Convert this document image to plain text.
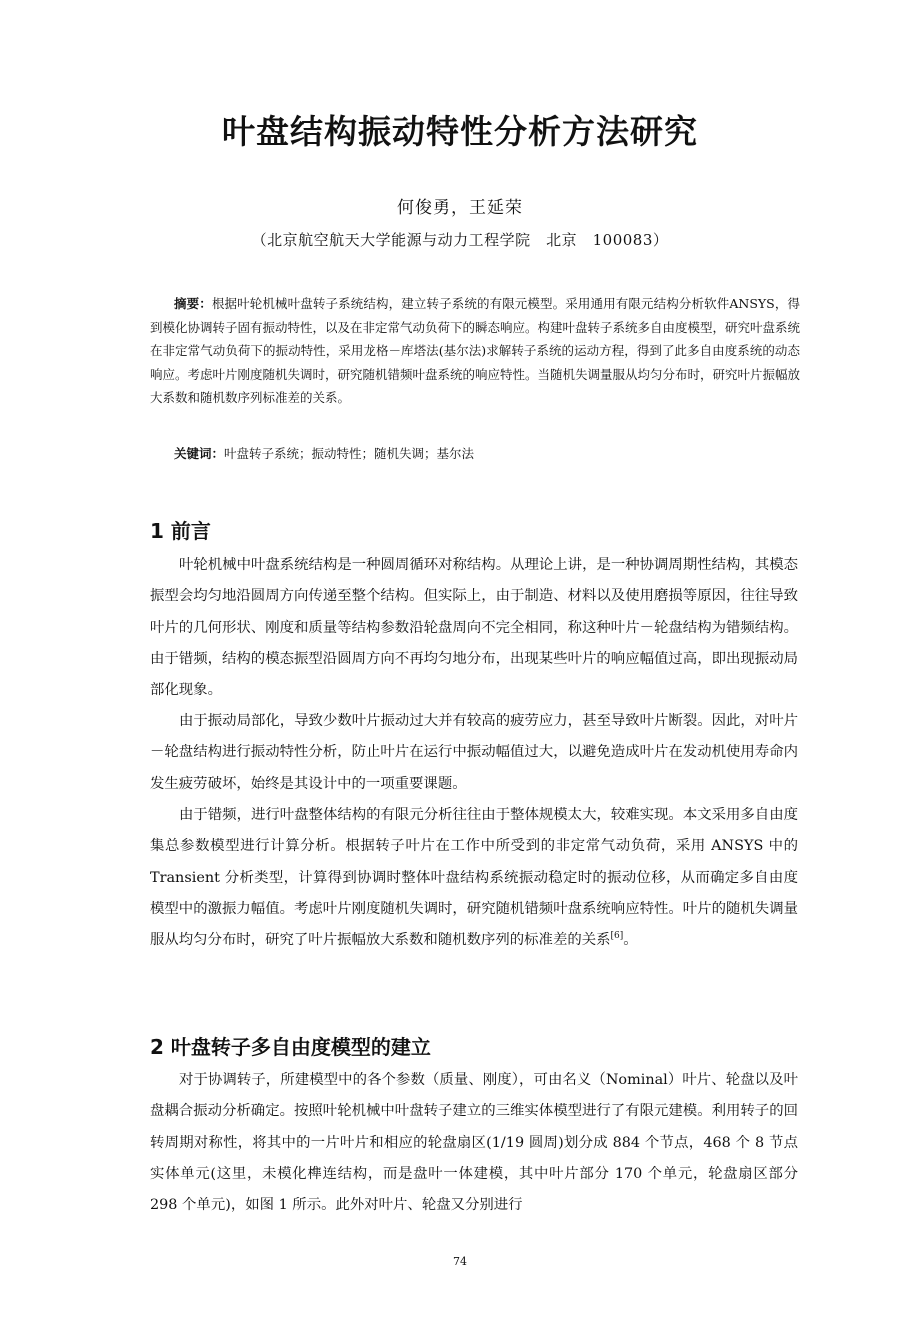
叶盘结构振动特性分析方法研究
何俊勇，王延荣
（北京航空航天大学能源与动力工程学院　北京　100083）

摘要：根据叶轮机械叶盘转子系统结构，建立转子系统的有限元模型。采用通用有限元结构分析软件ANSYS，得到模化协调转子固有振动特性，以及在非定常气动负荷下的瞬态响应。构建叶盘转子系统多自由度模型，研究叶盘系统在非定常气动负荷下的振动特性，采用龙格－库塔法(基尔法)求解转子系统的运动方程，得到了此多自由度系统的动态响应。考虑叶片刚度随机失调时，研究随机错频叶盘系统的响应特性。当随机失调量服从均匀分布时，研究叶片振幅放大系数和随机数序列标准差的关系。

关键词：叶盘转子系统；振动特性；随机失调；基尔法

1 前言

叶轮机械中叶盘系统结构是一种圆周循环对称结构。从理论上讲，是一种协调周期性结构，其模态振型会均匀地沿圆周方向传递至整个结构。但实际上，由于制造、材料以及使用磨损等原因，往往导致叶片的几何形状、刚度和质量等结构参数沿轮盘周向不完全相同，称这种叶片－轮盘结构为错频结构。由于错频，结构的模态振型沿圆周方向不再均匀地分布，出现某些叶片的响应幅值过高，即出现振动局部化现象。

由于振动局部化，导致少数叶片振动过大并有较高的疲劳应力，甚至导致叶片断裂。因此，对叶片－轮盘结构进行振动特性分析，防止叶片在运行中振动幅值过大，以避免造成叶片在发动机使用寿命内发生疲劳破坏，始终是其设计中的一项重要课题。

由于错频，进行叶盘整体结构的有限元分析往往由于整体规模太大，较难实现。本文采用多自由度集总参数模型进行计算分析。根据转子叶片在工作中所受到的非定常气动负荷，采用 ANSYS 中的 Transient 分析类型，计算得到协调时整体叶盘结构系统振动稳定时的振动位移，从而确定多自由度模型中的激振力幅值。考虑叶片刚度随机失调时，研究随机错频叶盘系统响应特性。叶片的随机失调量服从均匀分布时，研究了叶片振幅放大系数和随机数序列的标准差的关系[6]。

2 叶盘转子多自由度模型的建立

对于协调转子，所建模型中的各个参数（质量、刚度），可由名义（Nominal）叶片、轮盘以及叶盘耦合振动分析确定。按照叶轮机械中叶盘转子建立的三维实体模型进行了有限元建模。利用转子的回转周期对称性，将其中的一片叶片和相应的轮盘扇区(1/19 圆周)划分成 884 个节点，468 个 8 节点实体单元(这里，未模化榫连结构，而是盘叶一体建模，其中叶片部分 170 个单元，轮盘扇区部分 298 个单元)，如图 1 所示。此外对叶片、轮盘又分别进行

74
